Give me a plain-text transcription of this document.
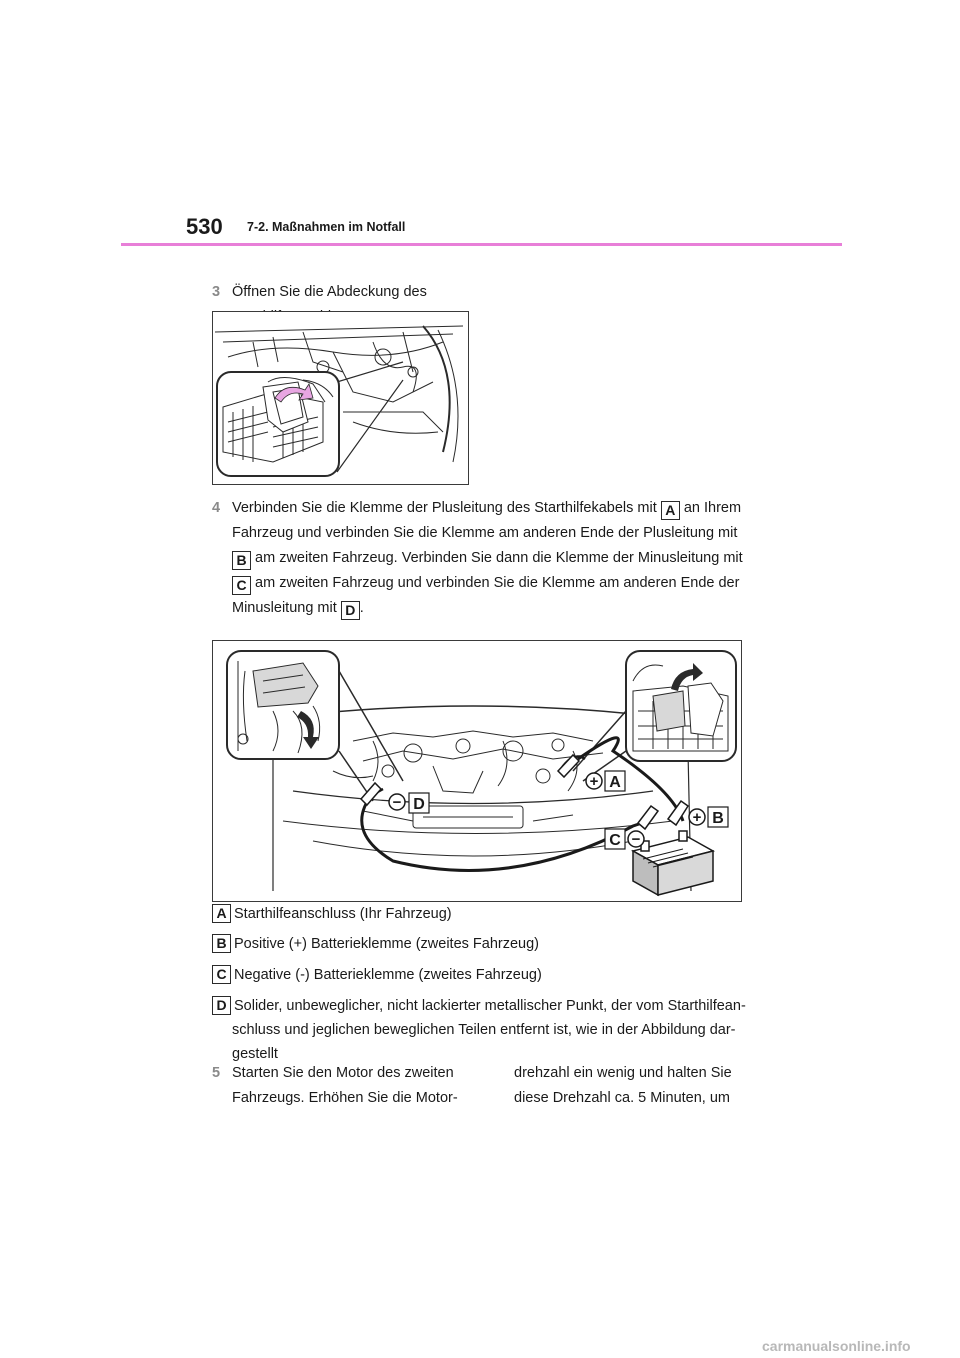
530 7-2. Maßnahmen im Notfall
3 Öffnen Sie die Abdeckung des
4 Verbinden Sie die Klemme der Plusleitung des Starthilfekabels mit A an Ihrem
Fahrzeug und verbinden Sie die Klemme am anderen Ende der Plusleitung mit
B am zweiten Fahrzeug. Verbinden Sie dann die Klemme der Minusleitung mit
C am zweiten Fahrzeug und verbinden Sie die Klemme am anderen Ende der
Minusleitung mit D .
− D
+ A
+ B
C −
A Starthilfeanschluss (Ihr Fahrzeug)
B Positive (+) Batterieklemme (zweites Fahrzeug)
C Negative (-) Batterieklemme (zweites Fahrzeug)
D Solider, unbeweglicher, nicht lackierter metallischer Punkt, der vom Starthilfean-
schluss und jeglichen beweglichen Teilen entfernt ist, wie in der Abbildung dar-
gestellt
5 Starten Sie den Motor des zweiten
Fahrzeugs. Erhöhen Sie die Motor-
drehzahl ein wenig und halten Sie
diese Drehzahl ca. 5 Minuten, um
carmanualsonline.info
